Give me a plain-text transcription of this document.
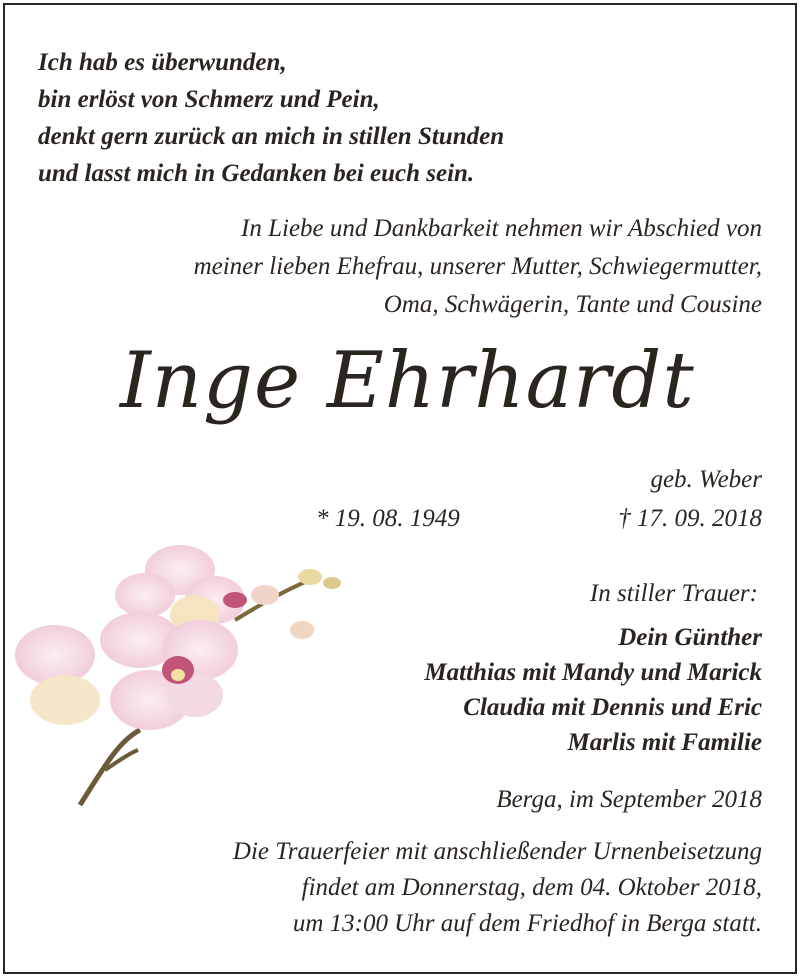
Ich hab es überwunden,
bin erlöst von Schmerz und Pein,
denkt gern zurück an mich in stillen Stunden
und lasst mich in Gedanken bei euch sein.
In Liebe und Dankbarkeit nehmen wir Abschied von
meiner lieben Ehefrau, unserer Mutter, Schwiegermutter,
Oma, Schwägerin, Tante und Cousine
Inge Ehrhardt
geb. Weber
* 19. 08. 1949	† 17. 09. 2018
In stiller Trauer:
Dein Günther
Matthias mit Mandy und Marick
Claudia mit Dennis und Eric
Marlis mit Familie
Berga, im September 2018
Die Trauerfeier mit anschließender Urnenbeisetzung
findet am Donnerstag, dem 04. Oktober 2018,
um 13:00 Uhr auf dem Friedhof in Berga statt.
